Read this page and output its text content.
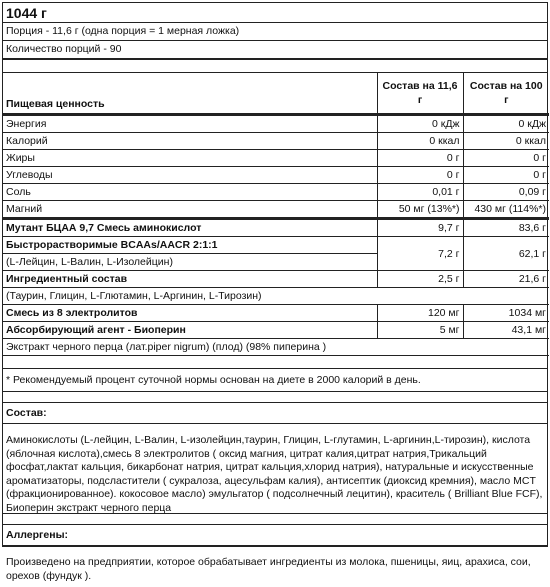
1044 г
Порция - 11,6 г (одна порция = 1 мерная ложка)
Количество порций - 90
Пищевая ценность	Состав на 11,6 г	Состав на 100 г
Энергия	0 кДж	0 кДж
Калорий	0 ккал	0 ккал
Жиры	0 г	0 г
Углеводы	0 г	0 г
Соль	0,01 г	0,09 г
Магний	50 мг (13%*)	430 мг (114%*)
Мутант БЦАА 9,7 Смесь аминокислот	9,7 г	83,6 г
Быстрорастворимые BCAAs/AACR 2:1:1	7,2 г	62,1 г
(L-Лейцин, L-Валин, L-Изолейцин)		
Ингредиентный состав	2,5 г	21,6 г
(Таурин, Глицин, L-Глютамин, L-Аргинин, L-Тирозин)		
Смесь из 8 электролитов	120 мг	1034 мг
Абсорбирующий агент - Биоперин	5 мг	43,1 мг
Экстракт черного перца (лат.piper nigrum) (плод) (98% пиперина )		
* Рекомендуемый процент суточной нормы основан на диете в 2000 калорий в день.
Состав:
Аминокислоты (L-лейцин, L-Валин, L-изолейцин,таурин, Глицин, L-глутамин, L-аргинин,L-тирозин), кислота (яблочная кислота),смесь 8 электролитов ( оксид магния, цитрат калия,цитрат натрия,Трикальций фосфат,лактат кальция, бикарбонат натрия, цитрат кальция,хлорид натрия), натуральные и искусственные ароматизаторы, подсластители ( сукралоза, ацесульфам калия), антисептик (диоксид кремния), масло MCT (фракционированное). кокосовое масло) эмульгатор ( подсолнечный лецитин), краситель ( Brilliant Blue FCF), Биоперин экстракт черного перца
Аллергены:
Произведено на предприятии, которое обрабатывает ингредиенты из молока, пшеницы, яиц, арахиса, сои, орехов (фундук ).
